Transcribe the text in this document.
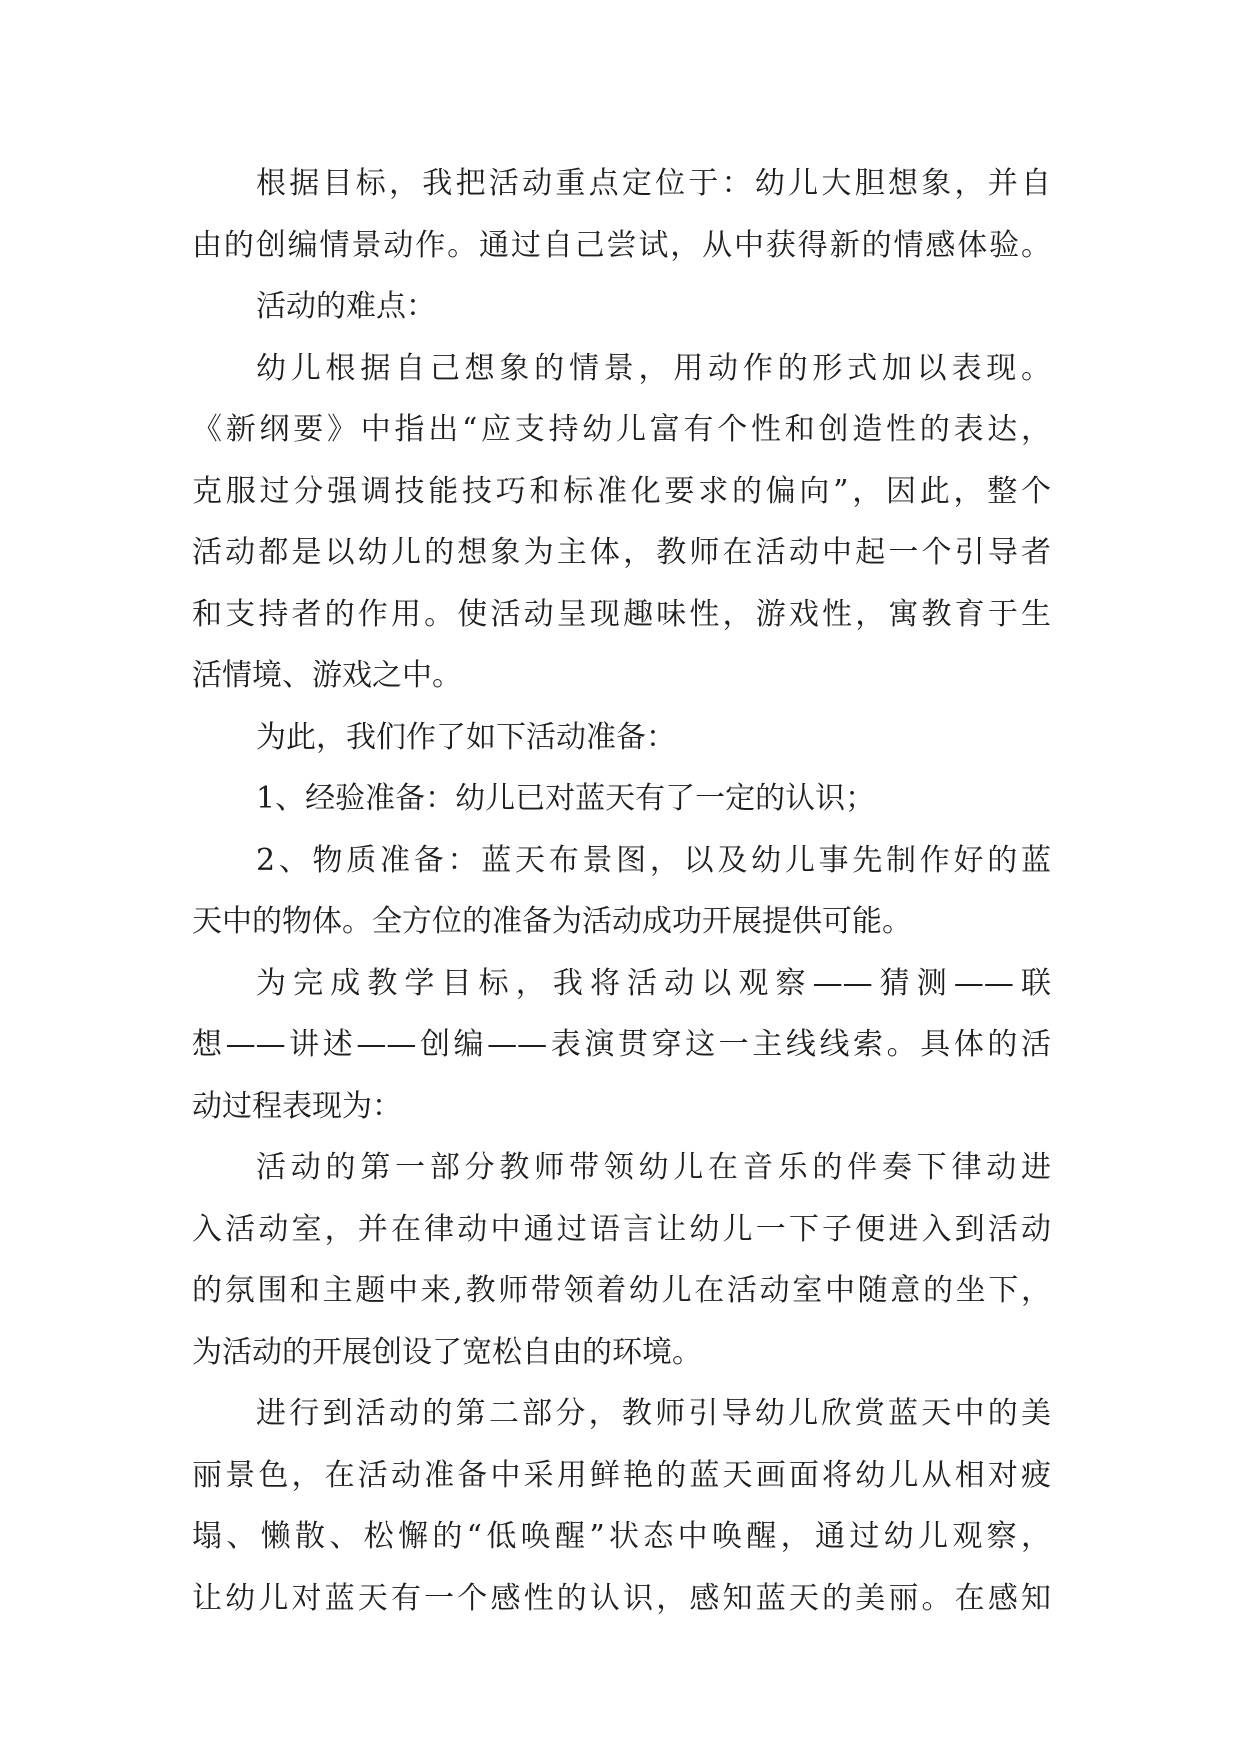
根据目标，我把活动重点定位于：幼儿大胆想象，并自
由的创编情景动作。通过自己尝试，从中获得新的情感体验。
活动的难点：
幼儿根据自己想象的情景，用动作的形式加以表现。
《新纲要》中指出“应支持幼儿富有个性和创造性的表达，
克服过分强调技能技巧和标准化要求的偏向”，因此，整个
活动都是以幼儿的想象为主体，教师在活动中起一个引导者
和支持者的作用。使活动呈现趣味性，游戏性，寓教育于生
活情境、游戏之中。
为此，我们作了如下活动准备：
1、经验准备：幼儿已对蓝天有了一定的认识；
2、物质准备：蓝天布景图，以及幼儿事先制作好的蓝
天中的物体。全方位的准备为活动成功开展提供可能。
为完成教学目标，我将活动以观察——猜测——联
想——讲述——创编——表演贯穿这一主线线索。具体的活
动过程表现为：
活动的第一部分教师带领幼儿在音乐的伴奏下律动进
入活动室，并在律动中通过语言让幼儿一下子便进入到活动
的氛围和主题中来,教师带领着幼儿在活动室中随意的坐下，
为活动的开展创设了宽松自由的环境。
进行到活动的第二部分，教师引导幼儿欣赏蓝天中的美
丽景色，在活动准备中采用鲜艳的蓝天画面将幼儿从相对疲
塌、懒散、松懈的“低唤醒”状态中唤醒，通过幼儿观察，
让幼儿对蓝天有一个感性的认识，感知蓝天的美丽。在感知
